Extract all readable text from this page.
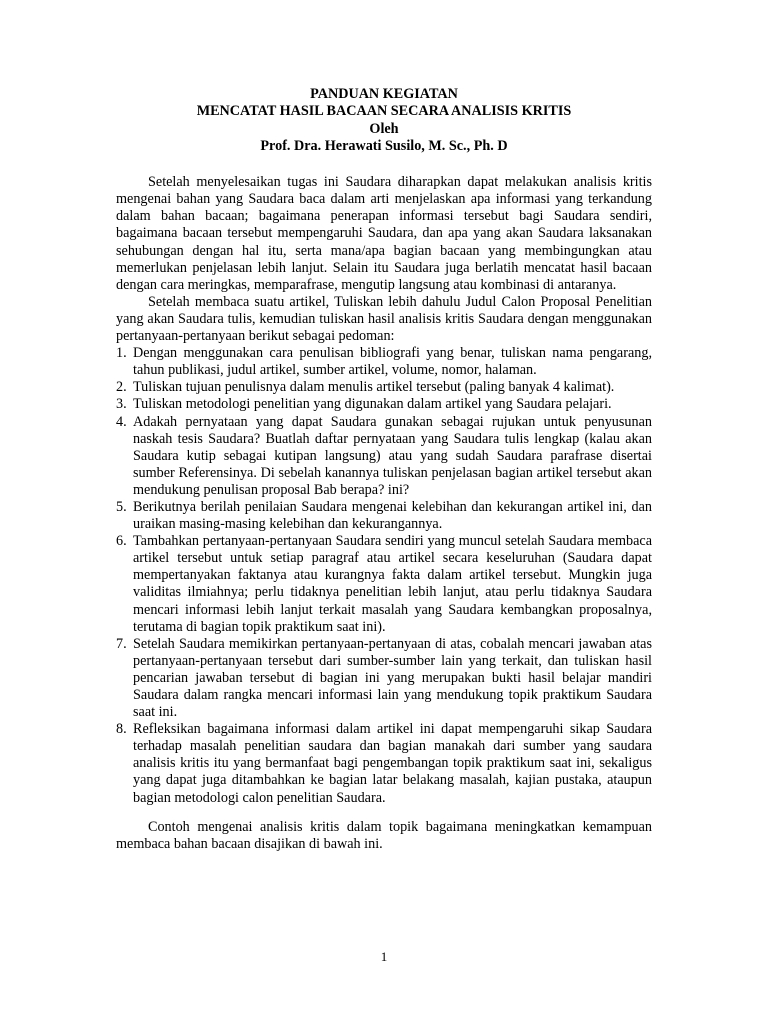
PANDUAN KEGIATAN
MENCATAT HASIL BACAAN SECARA ANALISIS KRITIS
Oleh
Prof. Dra. Herawati Susilo, M. Sc., Ph. D

Setelah menyelesaikan tugas ini Saudara diharapkan dapat melakukan analisis kritis mengenai bahan yang Saudara baca dalam arti menjelaskan apa informasi yang terkandung dalam bahan bacaan; bagaimana penerapan informasi tersebut bagi Saudara sendiri, bagaimana bacaan tersebut mempengaruhi Saudara, dan apa yang akan Saudara laksanakan sehubungan dengan hal itu, serta mana/apa bagian bacaan yang membingungkan atau memerlukan penjelasan lebih lanjut. Selain itu Saudara juga berlatih mencatat hasil bacaan dengan cara meringkas, memparafrase, mengutip langsung atau kombinasi di antaranya.

Setelah membaca suatu artikel, Tuliskan lebih dahulu Judul Calon Proposal Penelitian yang akan Saudara tulis, kemudian tuliskan hasil analisis kritis Saudara dengan menggunakan pertanyaan-pertanyaan berikut sebagai pedoman:

1. Dengan menggunakan cara penulisan bibliografi yang benar, tuliskan nama pengarang, tahun publikasi, judul artikel, sumber artikel, volume, nomor, halaman.
2. Tuliskan tujuan penulisnya dalam menulis artikel tersebut (paling banyak 4 kalimat).
3. Tuliskan metodologi penelitian yang digunakan dalam artikel yang Saudara pelajari.
4. Adakah pernyataan yang dapat Saudara gunakan sebagai rujukan untuk penyusunan naskah tesis Saudara? Buatlah daftar pernyataan yang Saudara tulis lengkap (kalau akan Saudara kutip sebagai kutipan langsung) atau yang sudah Saudara parafrase disertai sumber Referensinya. Di sebelah kanannya tuliskan penjelasan bagian artikel tersebut akan mendukung penulisan proposal Bab berapa? ini?
5. Berikutnya berilah penilaian Saudara mengenai kelebihan dan kekurangan artikel ini, dan uraikan masing-masing kelebihan dan kekurangannya.
6. Tambahkan pertanyaan-pertanyaan Saudara sendiri yang muncul setelah Saudara membaca artikel tersebut untuk setiap paragraf atau artikel secara keseluruhan (Saudara dapat mempertanyakan faktanya atau kurangnya fakta dalam artikel tersebut. Mungkin juga validitas ilmiahnya; perlu tidaknya penelitian lebih lanjut, atau perlu tidaknya Saudara mencari informasi lebih lanjut terkait masalah yang Saudara kembangkan proposalnya, terutama di bagian topik praktikum saat ini).
7. Setelah Saudara memikirkan pertanyaan-pertanyaan di atas, cobalah mencari jawaban atas pertanyaan-pertanyaan tersebut dari sumber-sumber lain yang terkait, dan tuliskan hasil pencarian jawaban tersebut di bagian ini yang merupakan bukti hasil belajar mandiri Saudara dalam rangka mencari informasi lain yang mendukung topik praktikum Saudara saat ini.
8. Refleksikan bagaimana informasi dalam artikel ini dapat mempengaruhi sikap Saudara terhadap masalah penelitian saudara dan bagian manakah dari sumber yang saudara analisis kritis itu yang bermanfaat bagi pengembangan topik praktikum saat ini, sekaligus yang dapat juga ditambahkan ke bagian latar belakang masalah, kajian pustaka, ataupun bagian metodologi calon penelitian Saudara.

Contoh mengenai analisis kritis dalam topik bagaimana meningkatkan kemampuan membaca bahan bacaan disajikan di bawah ini.

1
